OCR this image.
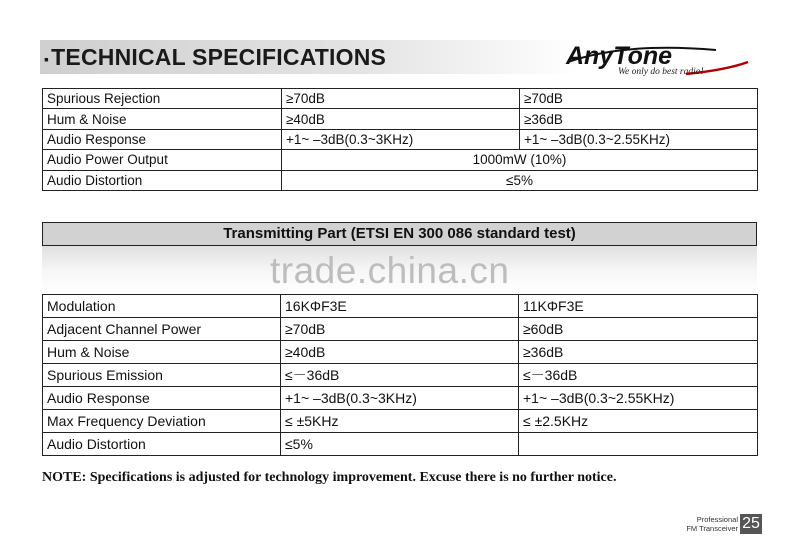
▪TECHNICAL SPECIFICATIONS	AnyTone
We only do best radio!
Spurious Rejection	≥70dB	≥70dB
Hum & Noise	≥40dB	≥36dB
Audio Response	+1~ –3dB(0.3~3KHz)	+1~ –3dB(0.3~2.55KHz)
Audio Power Output	1000mW (10%)	
Audio Distortion	≤5%	
Transmitting Part (ETSI EN 300 086 standard test)
trade.china.cn
Modulation	16KΦF3E	11KΦF3E
Adjacent Channel Power	≥70dB	≥60dB
Hum & Noise	≥40dB	≥36dB
Spurious Emission	≤－36dB	≤－36dB
Audio Response	+1~ –3dB(0.3~3KHz)	+1~ –3dB(0.3~2.55KHz)
Max Frequency Deviation	≤ ±5KHz	≤ ±2.5KHz
Audio Distortion	≤5%	
NOTE: Specifications is adjusted for technology improvement. Excuse there is no further notice.
Professional
FM Transceiver 25
